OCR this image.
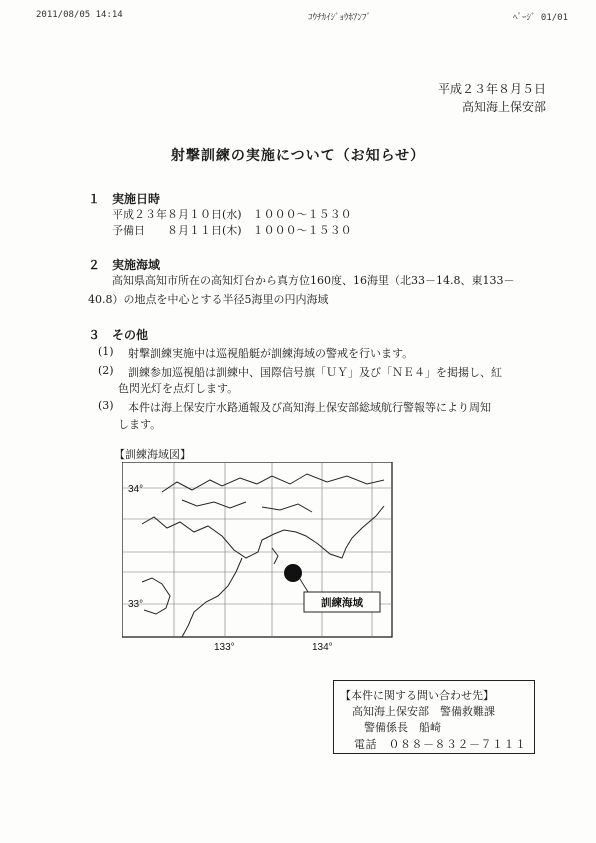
2011/08/05 14:14	ｺｳﾁｶｲｼﾞｮｳﾎｱﾝﾌﾞ	ﾍﾟｰｼﾞ 01/01
平成２３年８月５日
高知海上保安部
射撃訓練の実施について（お知らせ）
１ 実施日時
平成２３年８月１０日(水)　１０００～１５３０
予備日　　８月１１日(木)　１０００～１５３０
２ 実施海域
高知県高知市所在の高知灯台から真方位160度、16海里（北33－14.8、東133－
40.8）の地点を中心とする半径5海里の円内海域
３ その他
(1) 射撃訓練実施中は巡視船艇が訓練海域の警戒を行います。
(2) 訓練参加巡視船は訓練中、国際信号旗「ＵＹ」及び「ＮＥ４」を掲揚し、紅
色閃光灯を点灯します。
(3) 本件は海上保安庁水路通報及び高知海上保安部総域航行警報等により周知
します。
【訓練海域図】
訓練海域
34°
33°
133°	134°
【本件に関する問い合わせ先】
高知海上保安部　警備救難課
警備係長　船崎
電話　０８８－８３２－７１１１
